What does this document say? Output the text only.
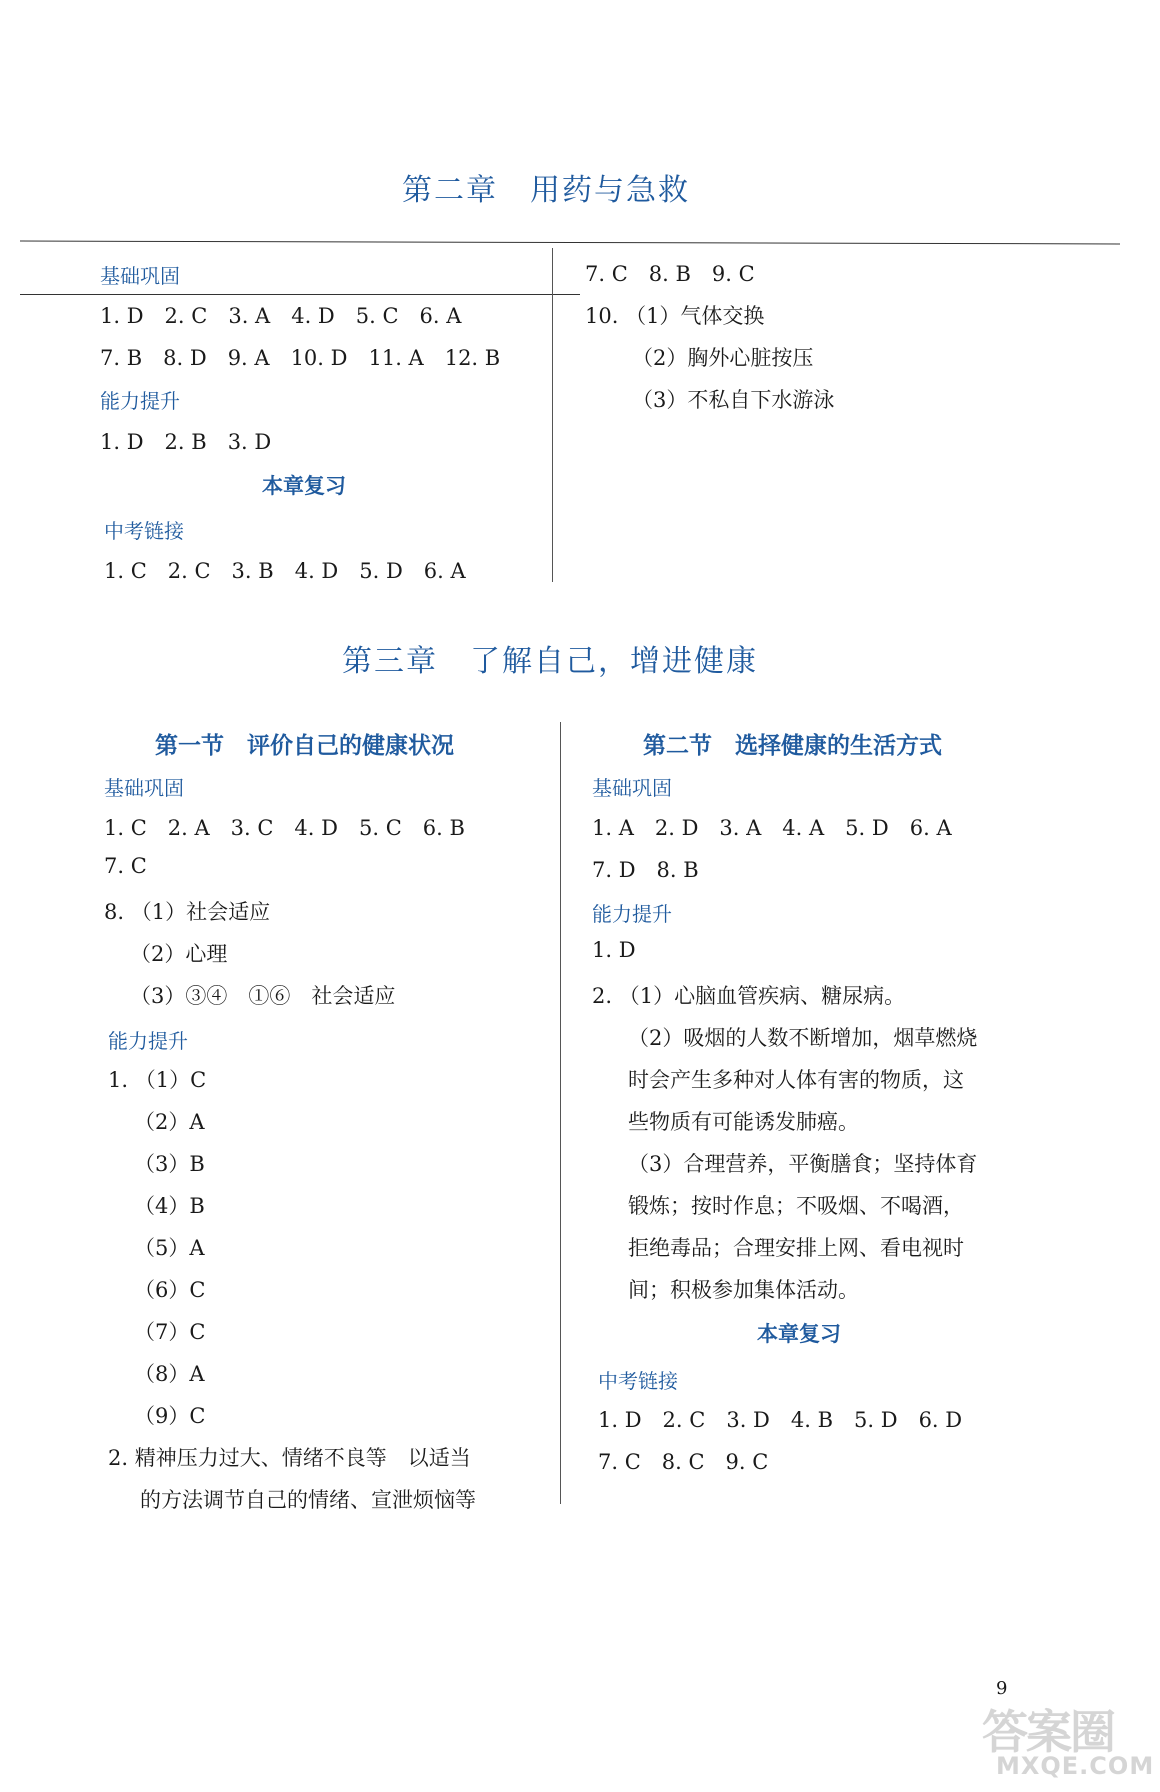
第二章　用药与急救
基础巩固
1. D　2. C　3. A　4. D　5. C　6. A
7. B　8. D　9. A　10. D　11. A　12. B
能力提升
1. D　2. B　3. D
本章复习
中考链接
1. C　2. C　3. B　4. D　5. D　6. A
7. C　8. B　9. C
10. （1）气体交换
（2）胸外心脏按压
（3）不私自下水游泳
第三章　了解自己，增进健康
第一节　评价自己的健康状况
基础巩固
1. C　2. A　3. C　4. D　5. C　6. B
7. C
8. （1）社会适应
（2）心理
（3）③④　①⑥　社会适应
能力提升
1. （1）C
（2）A
（3）B
（4）B
（5）A
（6）C
（7）C
（8）A
（9）C
2. 精神压力过大、情绪不良等　以适当
的方法调节自己的情绪、宣泄烦恼等
第二节　选择健康的生活方式
基础巩固
1. A　2. D　3. A　4. A　5. D　6. A
7. D　8. B
能力提升
1. D
2. （1）心脑血管疾病、糖尿病。
（2）吸烟的人数不断增加，烟草燃烧
时会产生多种对人体有害的物质，这
些物质有可能诱发肺癌。
（3）合理营养，平衡膳食；坚持体育
锻炼；按时作息；不吸烟、不喝酒，
拒绝毒品；合理安排上网、看电视时
间；积极参加集体活动。
本章复习
中考链接
1. D　2. C　3. D　4. B　5. D　6. D
7. C　8. C　9. C
9
答案圈
MXQE.COM
